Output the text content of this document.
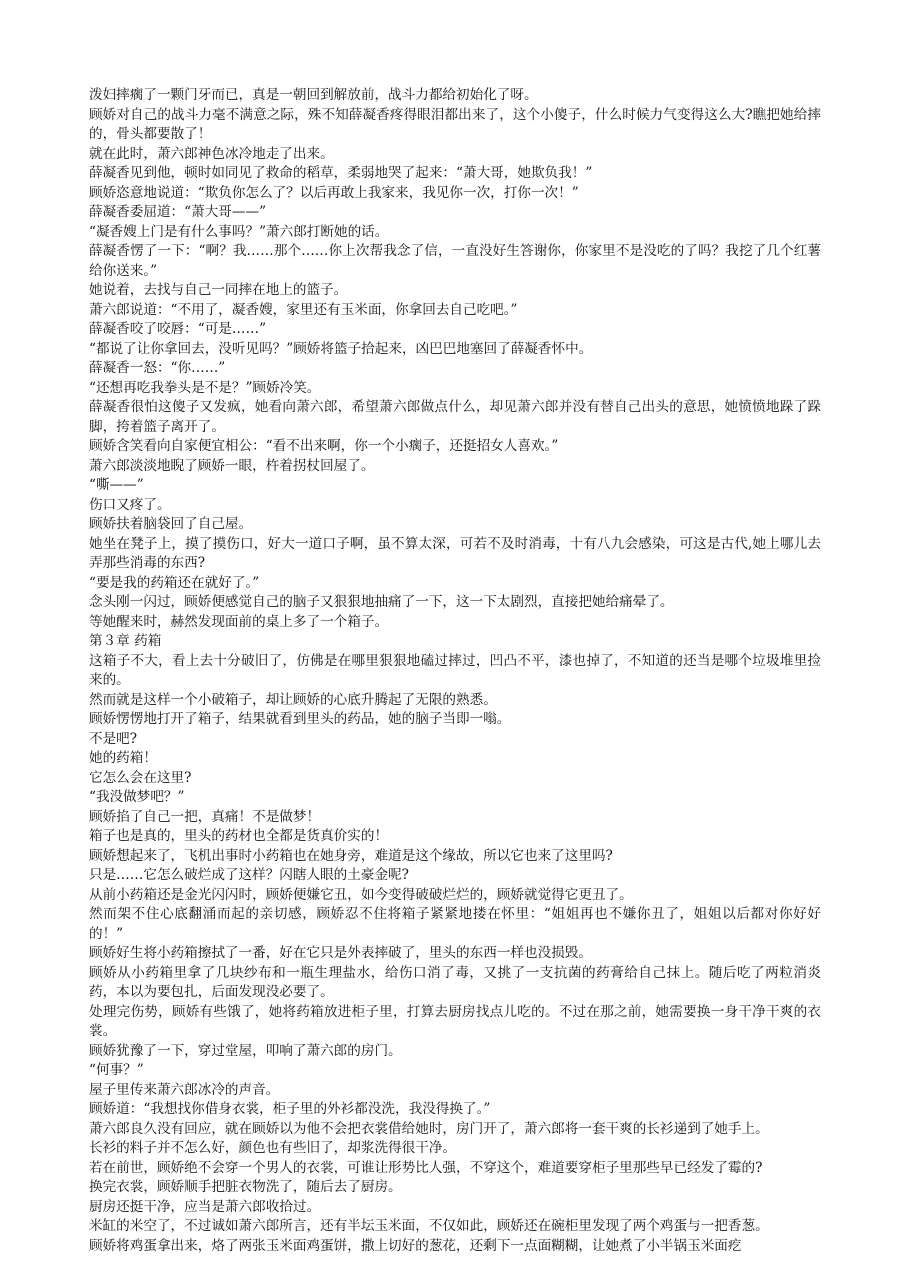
泼妇摔瘸了一颗门牙而已，真是一朝回到解放前，战斗力都给初始化了呀。

顾娇对自己的战斗力毫不满意之际，殊不知薛凝香疼得眼泪都出来了，这个小傻子，什么时候力气变得这么大?瞧把她给摔的，骨头都要散了！

就在此时，萧六郎神色冰冷地走了出来。

薛凝香见到他，顿时如同见了救命的稻草，柔弱地哭了起来：“萧大哥，她欺负我！”

顾娇恣意地说道：“欺负你怎么了？以后再敢上我家来，我见你一次，打你一次！”

薛凝香委屈道：“萧大哥——”

“凝香嫂上门是有什么事吗？”萧六郎打断她的话。

薛凝香愣了一下：“啊？我……那个……你上次帮我念了信，一直没好生答谢你，你家里不是没吃的了吗？我挖了几个红薯给你送来。”

她说着，去找与自己一同摔在地上的篮子。

萧六郎说道：“不用了，凝香嫂，家里还有玉米面，你拿回去自己吃吧。”

薛凝香咬了咬唇：“可是……”

“都说了让你拿回去，没听见吗？”顾娇将篮子拾起来，凶巴巴地塞回了薛凝香怀中。

薛凝香一怒：“你……”

“还想再吃我拳头是不是？”顾娇冷笑。

薛凝香很怕这傻子又发疯，她看向萧六郎，希望萧六郎做点什么，却见萧六郎并没有替自己出头的意思，她愤愤地跺了跺脚，挎着篮子离开了。

顾娇含笑看向自家便宜相公：“看不出来啊，你一个小瘸子，还挺招女人喜欢。”

萧六郎淡淡地睨了顾娇一眼，杵着拐杖回屋了。

“嘶——”

伤口又疼了。

顾娇扶着脑袋回了自己屋。

她坐在凳子上，摸了摸伤口，好大一道口子啊，虽不算太深，可若不及时消毒，十有八九会感染，可这是古代,她上哪儿去弄那些消毒的东西?

“要是我的药箱还在就好了。”

念头刚一闪过，顾娇便感觉自己的脑子又狠狠地抽痛了一下，这一下太剧烈，直接把她给痛晕了。

等她醒来时，赫然发现面前的桌上多了一个箱子。

第３章 药箱

这箱子不大，看上去十分破旧了，仿佛是在哪里狠狠地磕过摔过，凹凸不平，漆也掉了，不知道的还当是哪个垃圾堆里捡来的。

然而就是这样一个小破箱子，却让顾娇的心底升腾起了无限的熟悉。

顾娇愣愣地打开了箱子，结果就看到里头的药品，她的脑子当即一嗡。

不是吧?

她的药箱！

它怎么会在这里?

“我没做梦吧？”

顾娇掐了自己一把，真痛！不是做梦！

箱子也是真的，里头的药材也全都是货真价实的！

顾娇想起来了，飞机出事时小药箱也在她身旁，难道是这个缘故，所以它也来了这里吗?

只是……它怎么破烂成了这样？闪瞎人眼的土豪金呢?

从前小药箱还是金光闪闪时，顾娇便嫌它丑，如今变得破破烂烂的，顾娇就觉得它更丑了。

然而架不住心底翻涌而起的亲切感，顾娇忍不住将箱子紧紧地搂在怀里：“姐姐再也不嫌你丑了，姐姐以后都对你好好的！”

顾娇好生将小药箱擦拭了一番，好在它只是外表摔破了，里头的东西一样也没损毁。

顾娇从小药箱里拿了几块纱布和一瓶生理盐水，给伤口消了毒，又挑了一支抗菌的药膏给自己抹上。随后吃了两粒消炎药，本以为要包扎，后面发现没必要了。

处理完伤势，顾娇有些饿了，她将药箱放进柜子里，打算去厨房找点儿吃的。不过在那之前，她需要换一身干净干爽的衣裳。

顾娇犹豫了一下，穿过堂屋，叩响了萧六郎的房门。

“何事？”

屋子里传来萧六郎冰冷的声音。

顾娇道：“我想找你借身衣裳，柜子里的外衫都没洗，我没得换了。”

萧六郎良久没有回应，就在顾娇以为他不会把衣裳借给她时，房门开了，萧六郎将一套干爽的长衫递到了她手上。

长衫的料子并不怎么好，颜色也有些旧了，却浆洗得很干净。

若在前世，顾娇绝不会穿一个男人的衣裳，可谁让形势比人强，不穿这个，难道要穿柜子里那些早已经发了霉的?

换完衣裳，顾娇顺手把脏衣物洗了，随后去了厨房。

厨房还挺干净，应当是萧六郎收拾过。

米缸的米空了，不过诚如萧六郎所言，还有半坛玉米面，不仅如此，顾娇还在碗柜里发现了两个鸡蛋与一把香葱。

顾娇将鸡蛋拿出来，烙了两张玉米面鸡蛋饼，撒上切好的葱花，还剩下一点面糊糊，让她煮了小半锅玉米面疙
